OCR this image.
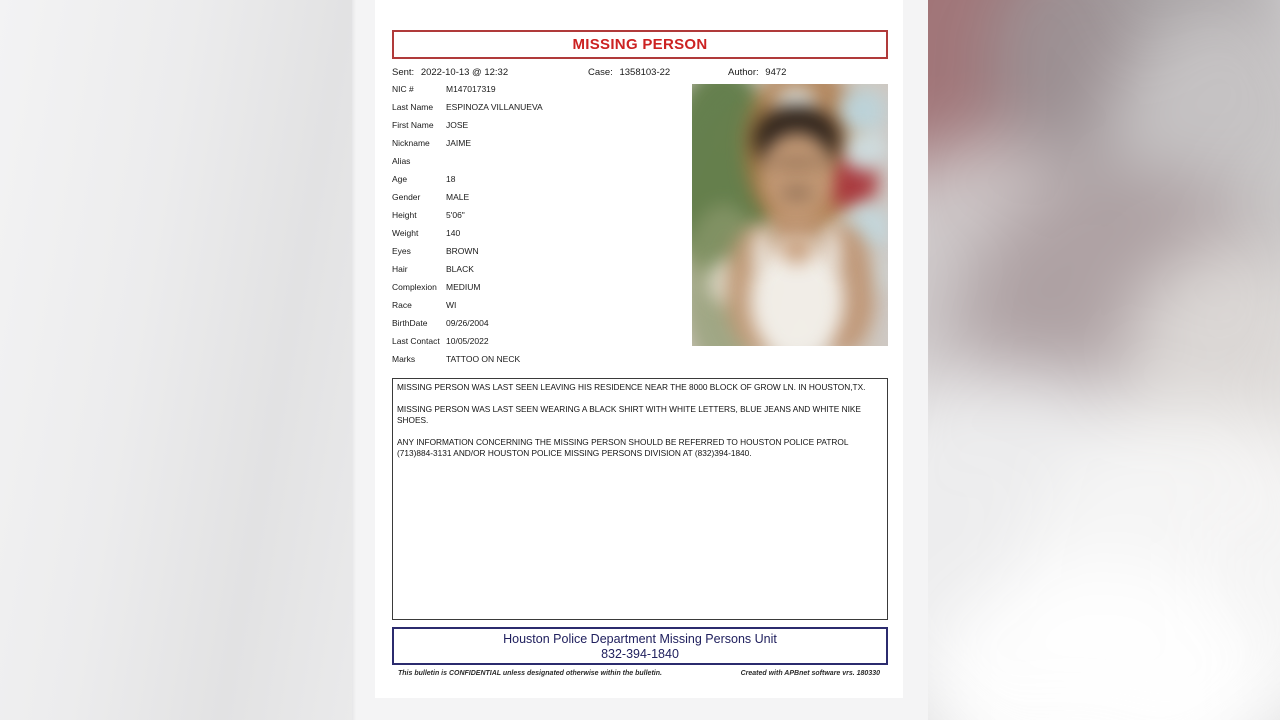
MISSING PERSON
Sent: 2022-10-13 @ 12:32	Case: 1358103-22	Author: 9472
NIC #	M147017319
Last Name	ESPINOZA VILLANUEVA
First Name	JOSE
Nickname	JAIME
Alias
Age	18
Gender	MALE
Height	5'06"
Weight	140
Eyes	BROWN
Hair	BLACK
Complexion	MEDIUM
Race	WI
BirthDate	09/26/2004
Last Contact 10/05/2022
Marks	TATTOO ON NECK

MISSING PERSON WAS LAST SEEN LEAVING HIS RESIDENCE NEAR THE 8000 BLOCK OF GROW LN. IN HOUSTON,TX.

MISSING PERSON WAS LAST SEEN WEARING A BLACK SHIRT WITH WHITE LETTERS, BLUE JEANS AND WHITE NIKE SHOES.

ANY INFORMATION CONCERNING THE MISSING PERSON SHOULD BE REFERRED TO HOUSTON POLICE PATROL (713)884-3131 AND/OR HOUSTON POLICE MISSING PERSONS DIVISION AT (832)394-1840.

Houston Police Department Missing Persons Unit
832-394-1840
This bulletin is CONFIDENTIAL unless designated otherwise within the bulletin.	Created with APBnet software vrs. 180330
